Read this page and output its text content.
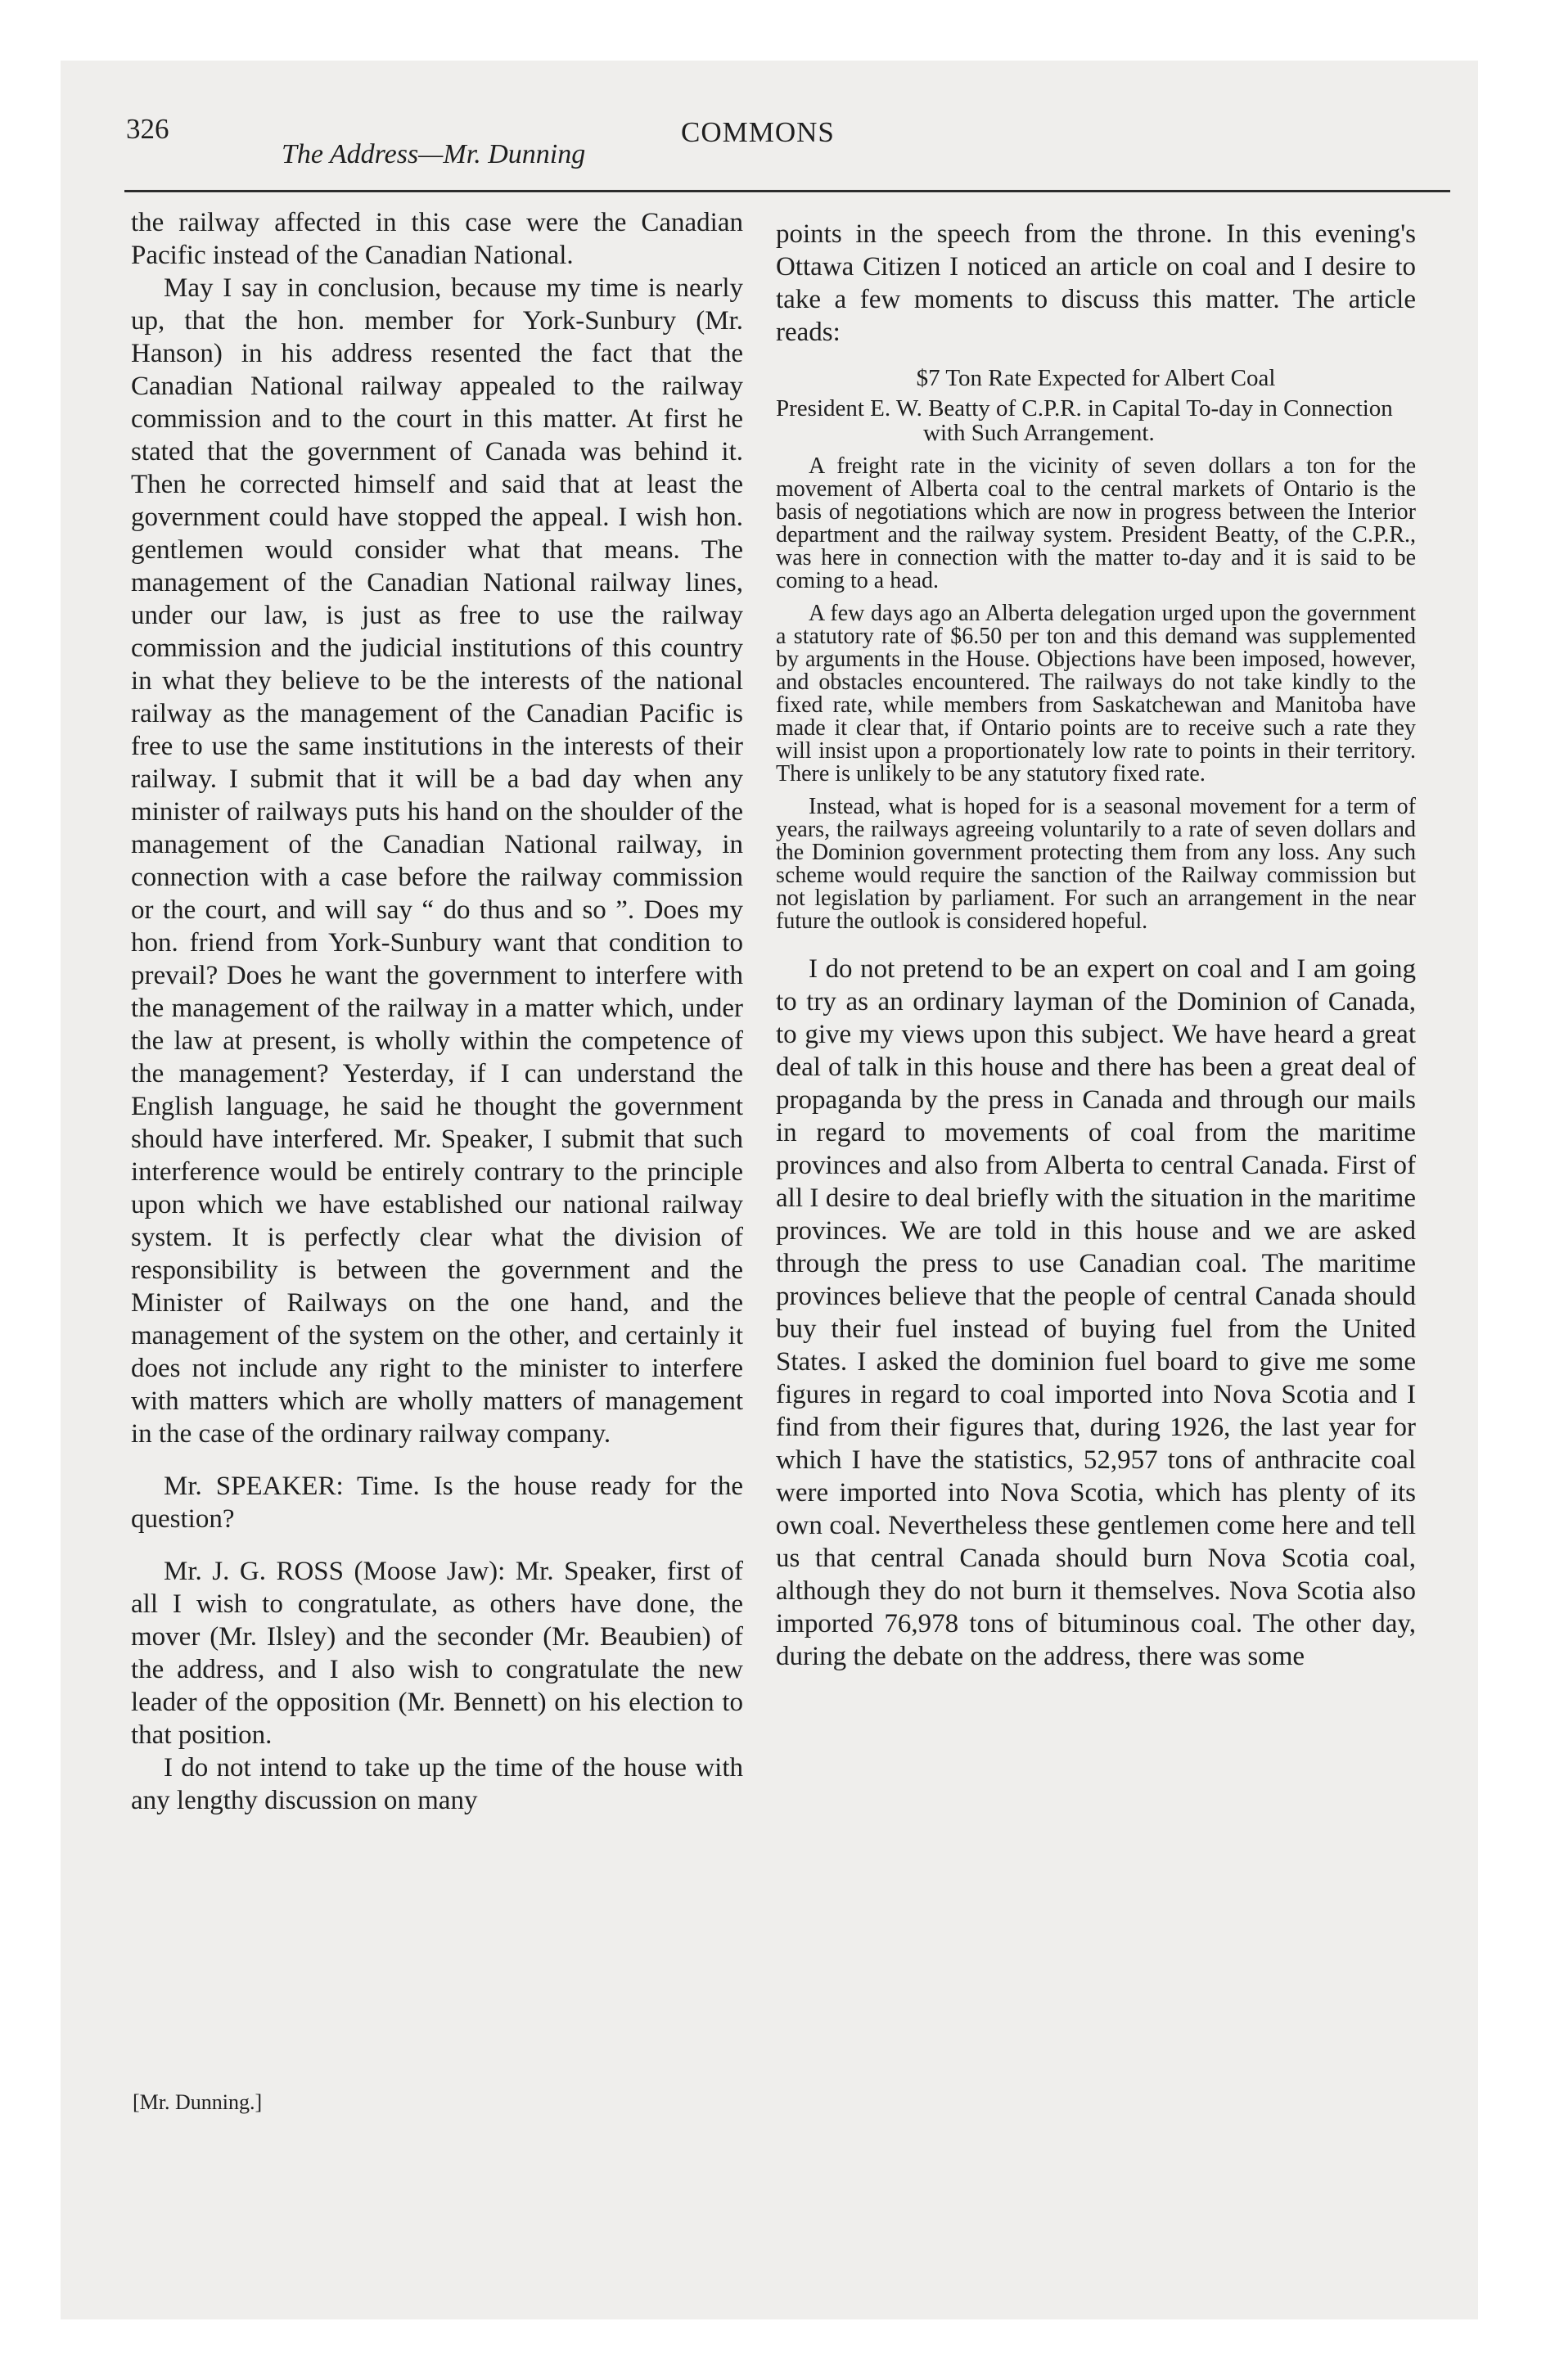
326	COMMONS
The Address—Mr. Dunning

the railway affected in this case were the Canadian Pacific instead of the Canadian National.

May I say in conclusion, because my time is nearly up, that the hon. member for York-Sunbury (Mr. Hanson) in his address resented the fact that the Canadian National railway appealed to the railway commission and to the court in this matter. At first he stated that the government of Canada was behind it. Then he corrected himself and said that at least the government could have stopped the appeal. I wish hon. gentlemen would consider what that means. The management of the Canadian National railway lines, under our law, is just as free to use the railway commission and the judicial institutions of this country in what they believe to be the interests of the national railway as the management of the Canadian Pacific is free to use the same institutions in the interests of their railway. I submit that it will be a bad day when any minister of railways puts his hand on the shoulder of the management of the Canadian National railway, in connection with a case before the railway commission or the court, and will say “ do thus and so ”. Does my hon. friend from York-Sunbury want that condition to prevail? Does he want the government to interfere with the management of the railway in a matter which, under the law at present, is wholly within the competence of the management? Yesterday, if I can understand the English language, he said he thought the government should have interfered. Mr. Speaker, I submit that such interference would be entirely contrary to the principle upon which we have established our national railway system. It is perfectly clear what the division of responsibility is between the government and the Minister of Railways on the one hand, and the management of the system on the other, and certainly it does not include any right to the minister to interfere with matters which are wholly matters of management in the case of the ordinary railway company.

Mr. SPEAKER: Time. Is the house ready for the question?

Mr. J. G. ROSS (Moose Jaw): Mr. Speaker, first of all I wish to congratulate, as others have done, the mover (Mr. Ilsley) and the seconder (Mr. Beaubien) of the address, and I also wish to congratulate the new leader of the opposition (Mr. Bennett) on his election to that position.

I do not intend to take up the time of the house with any lengthy discussion on many

[Mr. Dunning.]

points in the speech from the throne. In this evening's Ottawa Citizen I noticed an article on coal and I desire to take a few moments to discuss this matter. The article reads:

$7 Ton Rate Expected for Albert Coal

President E. W. Beatty of C.P.R. in Capital To-day in Connection with Such Arrangement.

A freight rate in the vicinity of seven dollars a ton for the movement of Alberta coal to the central markets of Ontario is the basis of negotiations which are now in progress between the Interior department and the railway system. President Beatty, of the C.P.R., was here in connection with the matter to-day and it is said to be coming to a head.

A few days ago an Alberta delegation urged upon the government a statutory rate of $6.50 per ton and this demand was supplemented by arguments in the House. Objections have been imposed, however, and obstacles encountered. The railways do not take kindly to the fixed rate, while members from Saskatchewan and Manitoba have made it clear that, if Ontario points are to receive such a rate they will insist upon a proportionately low rate to points in their territory. There is unlikely to be any statutory fixed rate.

Instead, what is hoped for is a seasonal movement for a term of years, the railways agreeing voluntarily to a rate of seven dollars and the Dominion government protecting them from any loss. Any such scheme would require the sanction of the Railway commission but not legislation by parliament. For such an arrangement in the near future the outlook is considered hopeful.

I do not pretend to be an expert on coal and I am going to try as an ordinary layman of the Dominion of Canada, to give my views upon this subject. We have heard a great deal of talk in this house and there has been a great deal of propaganda by the press in Canada and through our mails in regard to movements of coal from the maritime provinces and also from Alberta to central Canada. First of all I desire to deal briefly with the situation in the maritime provinces. We are told in this house and we are asked through the press to use Canadian coal. The maritime provinces believe that the people of central Canada should buy their fuel instead of buying fuel from the United States. I asked the dominion fuel board to give me some figures in regard to coal imported into Nova Scotia and I find from their figures that, during 1926, the last year for which I have the statistics, 52,957 tons of anthracite coal were imported into Nova Scotia, which has plenty of its own coal. Nevertheless these gentlemen come here and tell us that central Canada should burn Nova Scotia coal, although they do not burn it themselves. Nova Scotia also imported 76,978 tons of bituminous coal. The other day, during the debate on the address, there was some
